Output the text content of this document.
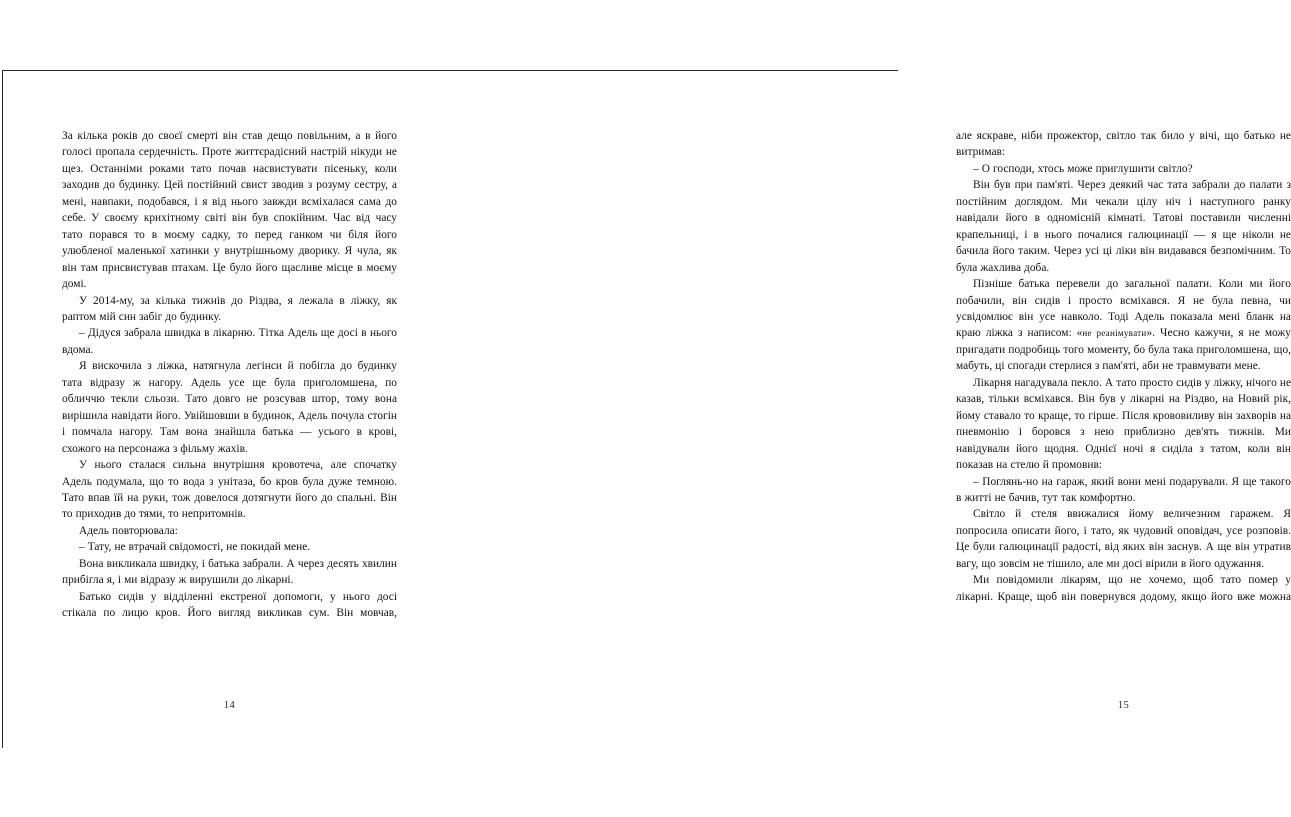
За кілька років до своєї смерті він став дещо повільним, а в його голосі пропала сердечність. Проте життєрадісний настрій нікуди не щез. Останніми роками тато почав насвистувати пісеньку, коли заходив до будинку. Цей постійний свист зводив з розуму сестру, а мені, навпаки, подобався, і я від нього завжди всміхалася сама до себе. У своєму крихітному світі він був спокійним. Час від часу тато порався то в моєму садку, то перед ганком чи біля його улюбленої маленької хатинки у внутрішньому дворику. Я чула, як він там присвистував птахам. Це було його щасливе місце в моєму домі.

У 2014-му, за кілька тижнів до Різдва, я лежала в ліжку, як раптом мій син забіг до будинку.

– Дідуся забрала швидка в лікарню. Тітка Адель ще досі в нього вдома.

Я вискочила з ліжка, натягнула легінси й побігла до будинку тата відразу ж нагору. Адель усе ще була приголомшена, по обличчю текли сльози. Тато довго не розсував штор, тому вона вирішила навідати його. Увійшовши в будинок, Адель почула стогін і помчала нагору. Там вона знайшла батька — усього в крові, схожого на персонажа з фільму жахів.

У нього сталася сильна внутрішня кровотеча, але спочатку Адель подумала, що то вода з унітаза, бо кров була дуже темною. Тато впав їй на руки, тож довелося дотягнути його до спальні. Він то приходив до тями, то непритомнів.

Адель повторювала:

– Тату, не втрачай свідомості, не покидай мене.

Вона викликала швидку, і батька забрали. А через десять хвилин прибігла я, і ми відразу ж вирушили до лікарні.

Батько сидів у відділенні екстреної допомоги, у нього досі стікала по лицю кров. Його вигляд викликав сум. Він мовчав,

14

але яскраве, ніби прожектор, світло так било у вічі, що батько не витримав:

– О господи, хтось може приглушити світло?

Він був при пам'яті. Через деякий час тата забрали до палати з постійним доглядом. Ми чекали цілу ніч і наступного ранку навідали його в одномісній кімнаті. Татові поставили численні крапельниці, і в нього почалися галюцинації — я ще ніколи не бачила його таким. Через усі ці ліки він видавався безпомічним. То була жахлива доба.

Пізніше батька перевели до загальної палати. Коли ми його побачили, він сидів і просто всміхався. Я не була певна, чи усвідомлює він усе навколо. Тоді Адель показала мені бланк на краю ліжка з написом: «не реанімувати». Чесно кажучи, я не можу пригадати подробиць того моменту, бо була така приголомшена, що, мабуть, ці спогади стерлися з пам'яті, аби не травмувати мене.

Лікарня нагадувала пекло. А тато просто сидів у ліжку, нічого не казав, тільки всміхався. Він був у лікарні на Різдво, на Новий рік, йому ставало то краще, то гірше. Після крововиливу він захворів на пневмонію і боровся з нею приблизно дев'ять тижнів. Ми навідували його щодня. Однієї ночі я сиділа з татом, коли він показав на стелю й промовив:

– Поглянь-но на гараж, який вони мені подарували. Я ще такого в житті не бачив, тут так комфортно.

Світло й стеля ввижалися йому величезним гаражем. Я попросила описати його, і тато, як чудовий оповідач, усе розповів. Це були галюцинації радості, від яких він заснув. А ще він утратив вагу, що зовсім не тішило, але ми досі вірили в його одужання.

Ми повідомили лікарям, що не хочемо, щоб тато помер у лікарні. Краще, щоб він повернувся додому, якщо його вже можна

15
